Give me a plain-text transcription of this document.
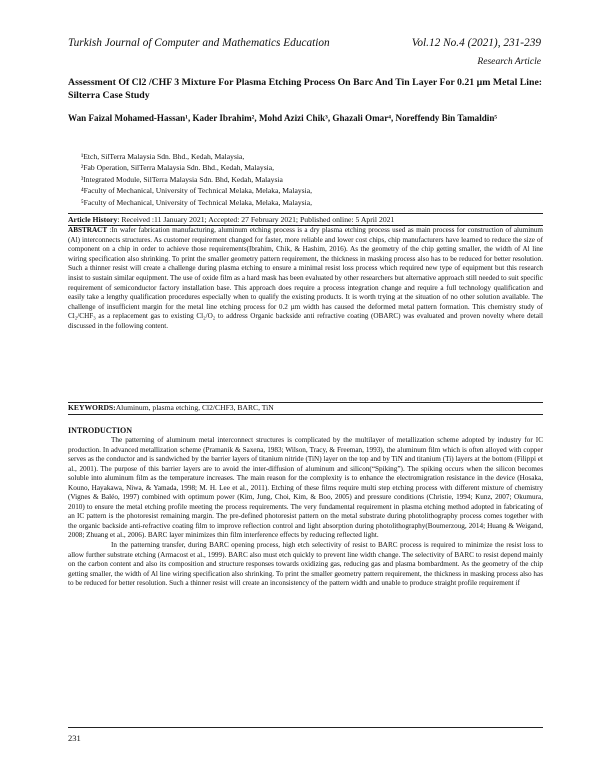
Turkish Journal of Computer and Mathematics Education	Vol.12 No.4 (2021), 231-239
Research Article
Assessment Of Cl2 /CHF 3 Mixture For Plasma Etching Process On Barc And Tin Layer For 0.21 µm Metal Line: Silterra Case Study
Wan Faizal Mohamed-Hassan¹, Kader Ibrahim², Mohd Azizi Chik³, Ghazali Omar⁴, Noreffendy Bin Tamaldin⁵
¹Etch, SilTerra Malaysia Sdn. Bhd., Kedah, Malaysia,
²Fab Operation, SilTerra Malaysia Sdn. Bhd., Kedah, Malaysia,
³Integrated Module, SilTerra Malaysia Sdn. Bhd, Kedah, Malaysia
⁴Faculty of Mechanical, University of Technical Melaka, Melaka, Malaysia,
⁵Faculty of Mechanical, University of Technical Melaka, Melaka, Malaysia,
Article History: Received :11 January 2021; Accepted: 27 February 2021; Published online: 5 April 2021
ABSTRACT :In wafer fabrication manufacturing, aluminum etching process is a dry plasma etching process used as main process for construction of aluminum (Al) interconnects structures. As customer requirement changed for faster, more reliable and lower cost chips, chip manufacturers have learned to reduce the size of component on a chip in order to achieve those requirements(Ibrahim, Chik, & Hashim, 2016). As the geometry of the chip getting smaller, the width of Al line wiring specification also shrinking. To print the smaller geometry pattern requirement, the thickness in masking process also has to be reduced for better resolution. Such a thinner resist will create a challenge during plasma etching to ensure a minimal resist loss process which required new type of equipment but this research insist to sustain similar equipment. The use of oxide film as a hard mask has been evaluated by other researchers but alternative approach still needed to suit specific requirement of semiconductor factory installation base. This approach does require a process integration change and require a full technology qualification and easily take a lengthy qualification procedures especially when to qualify the existing products. It is worth trying at the situation of no other solution available. The challenge of insufficient margin for the metal line etching process for 0.2 µm width has caused the deformed metal pattern formation. This chemistry study of Cl₂/CHF₃ as a replacement gas to existing Cl₂/O₂ to address Organic backside anti refractive coating (OBARC) was evaluated and proven novelty where detail discussed in the following content.
KEYWORDS:Aluminum, plasma etching, Cl2/CHF3, BARC, TiN
INTRODUCTION

The patterning of aluminum metal interconnect structures is complicated by the multilayer of metallization scheme adopted by industry for IC production. In advanced metallization scheme (Pramanik & Saxena, 1983; Wilson, Tracy, & Freeman, 1993), the aluminum film which is often alloyed with copper serves as the conductor and is sandwiched by the barrier layers of titanium nitride (TiN) layer on the top and by TiN and titanium (Ti) layers at the bottom (Filippi et al., 2001). The purpose of this barrier layers are to avoid the inter-diffusion of aluminum and silicon(“Spiking”). The spiking occurs when the silicon becomes soluble into aluminum film as the temperature increases. The main reason for the complexity is to enhance the electromigration resistance in the device (Hosaka, Kouno, Hayakawa, Niwa, & Yamada, 1998; M. H. Lee et al., 2011). Etching of these films require multi step etching process with different mixture of chemistry (Vignes & Baléo, 1997) combined with optimum power (Kim, Jung, Choi, Kim, & Boo, 2005) and pressure conditions (Christie, 1994; Kunz, 2007; Okumura, 2010) to ensure the metal etching profile meeting the process requirements. The very fundamental requirement in plasma etching method adopted in fabricating of an IC pattern is the photoresist remaining margin. The pre-defined photoresist pattern on the metal substrate during photolithography process comes together with the organic backside anti-refractive coating film to improve reflection control and light absorption during photolithography(Boumerzoug, 2014; Huang & Weigand, 2008; Zhuang et al., 2006). BARC layer minimizes thin film interference effects by reducing reflected light.

In the patterning transfer, during BARC opening process, high etch selectivity of resist to BARC process is required to minimize the resist loss to allow further substrate etching (Armacost et al., 1999). BARC also must etch quickly to prevent line width change. The selectivity of BARC to resist depend mainly on the carbon content and also its composition and structure responses towards oxidizing gas, reducing gas and plasma bombardment. As the geometry of the chip getting smaller, the width of Al line wiring specification also shrinking. To print the smaller geometry pattern requirement, the thickness in masking process also has to be reduced for better resolution. Such a thinner resist will create an inconsistency of the pattern width and unable to produce straight profile requirement if

231
